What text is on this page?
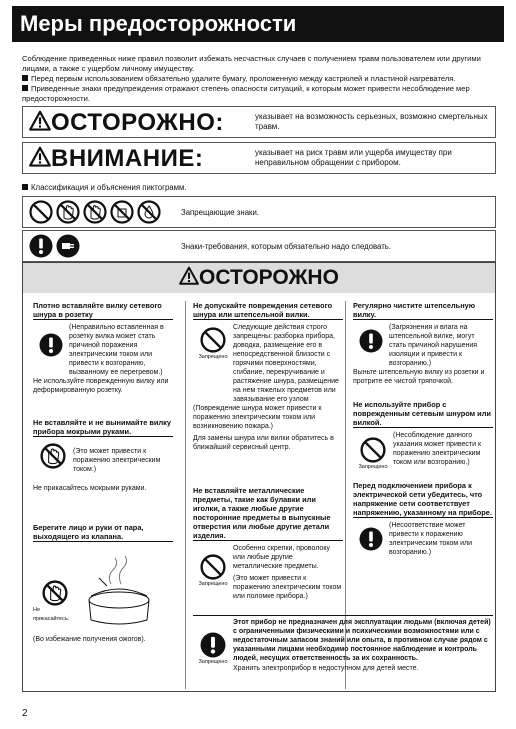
Меры предосторожности

Соблюдение приведенных ниже правил позволит избежать несчастных случаев с получением травм пользователем или другими лицами, а также с ущербом личному имуществу.

Перед первым использованием обязательно удалите бумагу, проложенную между кастрюлей и пластиной нагревателя.

Приведенные знаки предупреждения отражают степень опасности ситуаций, к которым может привести несоблюдение мер предосторожности.

ОСТОРОЖНО:	указывает на возможность серьезных, возможно смертельных травм.
ВНИМАНИЕ:	указывает на риск травм или ущерба имуществу при неправильном обращении с прибором.
Классификация и объяснения пиктограмм.
Запрещающие знаки.
Знаки-требования, которым обязательно надо следовать.
ОСТОРОЖНО
Плотно вставляйте вилку сетевого шнура в розетку
(Неправильно вставленная в розетку вилка может стать причиной поражения электрическим током или привести к возгоранию, вызванному ее перегревом.)
Не используйте поврежденную вилку или деформированную розетку.
Не вставляйте и не вынимайте вилку прибора мокрыми руками.
(Это может привести к поражению электрическим током.)
Не прикасайтесь мокрыми руками.
Берегите лицо и руки от пара, выходящего из клапана.
Не прикасайтесь.
(Во избежание получения ожогов).
Не допускайте повреждения сетевого шнура или штепсельной вилки.
Запрещено
Следующие действия строго запрещены: разборка прибора, доводка, размещение его в непосредственной близости с горячими поверхностями, сгибание, перекручивание и растяжение шнура, размещение на нем тяжелых предметов или завязывание его узлом
(Повреждение шнура может привести к поражению электрическим током или возникновению пожара.)
Для замены шнура или вилки обратитесь в ближайший сервисный центр.
Не вставляйте металлические предметы, такие как булавки или иголки, а также любые другие посторонние предметы в выпускные отверстия или любые другие детали изделия.
Запрещено
Особенно скрепки, проволоку или любые другие металлические предметы.
(Это может привести к поражению электрическим током или поломке прибора.)
Регулярно чистите штепсельную вилку.
(Загрязнения и влага на штепсельной вилке, могут стать причиной нарушения изоляции и привести к возгоранию.)
Выньте штепсельную вилку из розетки и протрите ее чистой тряпочкой.
Не используйте прибор с поврежденным сетевым шнуром или вилкой.
Запрещено
(Несоблюдение данного указания может привести к поражению электрическим током или возгоранию.)
Перед подключением прибора к электрической сети убедитесь, что напряжение сети соответствует напряжению, указанному на приборе.
(Несоответствие может привести к поражению электрическим током или возгоранию.)
Запрещено
Этот прибор не предназначен для эксплуатации людьми (включая детей) с ограниченными физическими и психическими возможностями или с недостаточным запасом знаний или опыта, в противном случае рядом с указанными лицами необходимо постоянное наблюдение и контроль людей, несущих ответственность за их сохранность.
Хранить электроприбор в недоступном для детей месте.
2
